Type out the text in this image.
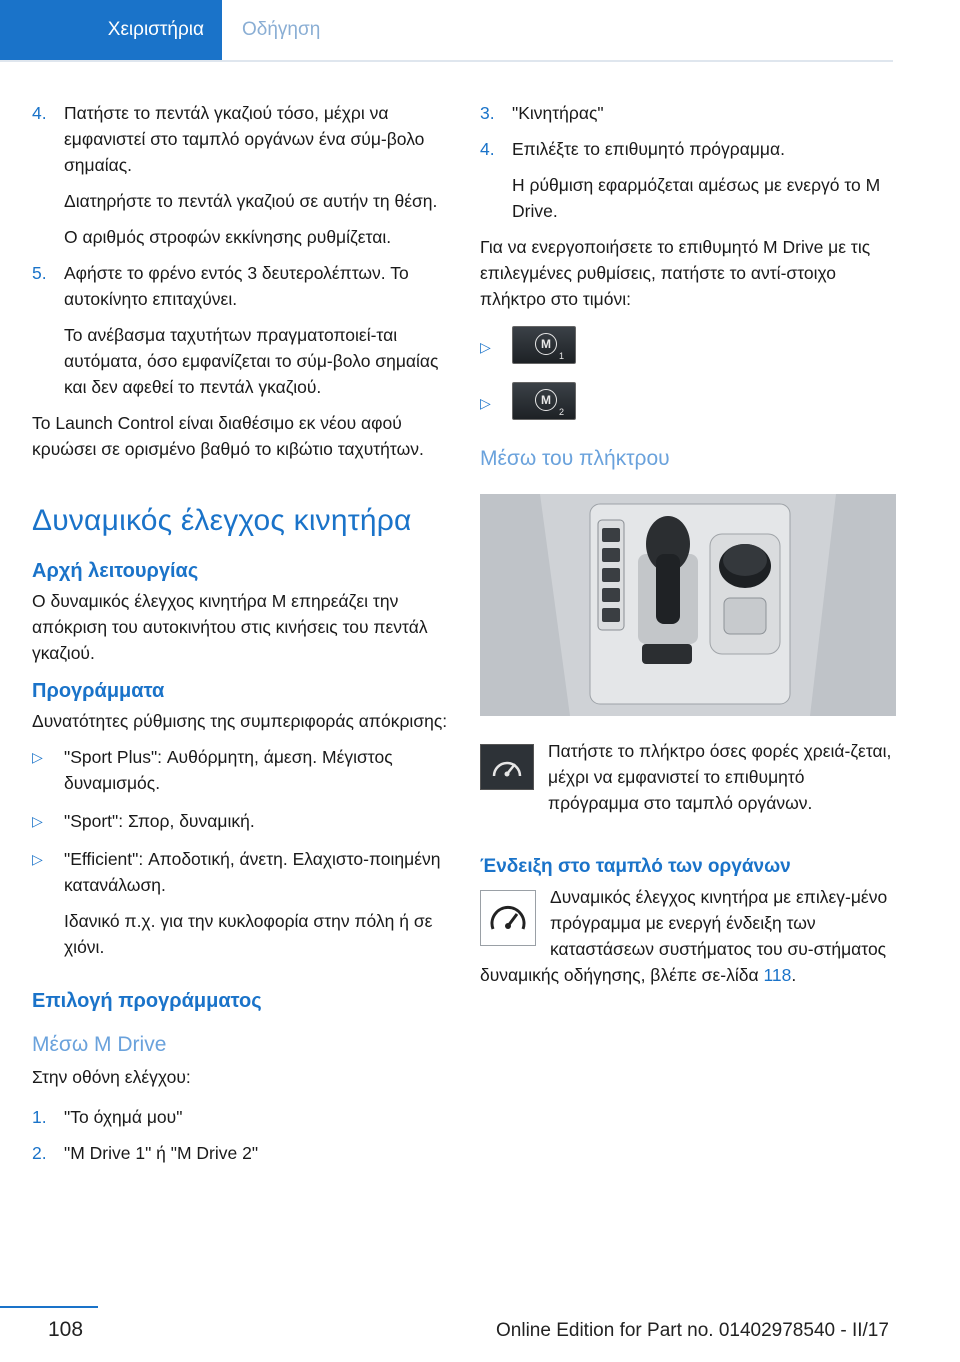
Χειριστήρια	Οδήγηση
4. Πατήστε το πεντάλ γκαζιού τόσο, μέχρι να εμφανιστεί στο ταμπλό οργάνων ένα σύμ‐βολο σημαίας.

Διατηρήστε το πεντάλ γκαζιού σε αυτήν τη θέση.

Ο αριθμός στροφών εκκίνησης ρυθμίζεται.

5. Αφήστε το φρένο εντός 3 δευτερολέπτων. Το αυτοκίνητο επιταχύνει.

Το ανέβασμα ταχυτήτων πραγματοποιεί‐ται αυτόματα, όσο εμφανίζεται το σύμ‐βολο σημαίας και δεν αφεθεί το πεντάλ γκαζιού.

Το Launch Control είναι διαθέσιμο εκ νέου αφού κρυώσει σε ορισμένο βαθμό το κιβώτιο ταχυτήτων.

Δυναμικός έλεγχος κινητήρα
Αρχή λειτουργίας

Ο δυναμικός έλεγχος κινητήρα M επηρεάζει την απόκριση του αυτοκινήτου στις κινήσεις του πεντάλ γκαζιού.

Προγράμματα

Δυνατότητες ρύθμισης της συμπεριφοράς απόκρισης:

▷ "Sport Plus": Αυθόρμητη, άμεση. Μέγιστος δυναμισμός.

▷ "Sport": Σπορ, δυναμική.

▷ "Efficient": Αποδοτική, άνετη. Ελαχιστο‐ποιημένη κατανάλωση.

Ιδανικό π.χ. για την κυκλοφορία στην πόλη ή σε χιόνι.

Επιλογή προγράμματος
Μέσω M Drive

Στην οθόνη ελέγχου:

1. "Το όχημά μου"

2. "M Drive 1" ή "M Drive 2"

3. "Κινητήρας"

4. Επιλέξτε το επιθυμητό πρόγραμμα.

Η ρύθμιση εφαρμόζεται αμέσως με ενεργό το M Drive.

Για να ενεργοποιήσετε το επιθυμητό M Drive με τις επιλεγμένες ρυθμίσεις, πατήστε το αντί‐στοιχο πλήκτρο στο τιμόνι:

▷	M
1
▷	M
2
Μέσω του πλήκτρου

Πατήστε το πλήκτρο όσες φορές χρειά‐ζεται, μέχρι να εμφανιστεί το επιθυμητό πρόγραμμα στο ταμπλό οργάνων.

Ένδειξη στο ταμπλό των οργάνων

Δυναμικός έλεγχος κινητήρα με επιλεγ‐μένο πρόγραμμα με ενεργή ένδειξη των καταστάσεων συστήματος του συ‐στήματος δυναμικής οδήγησης, βλέπε σε‐λίδα 118.

108	Online Edition for Part no. 01402978540 - II/17
